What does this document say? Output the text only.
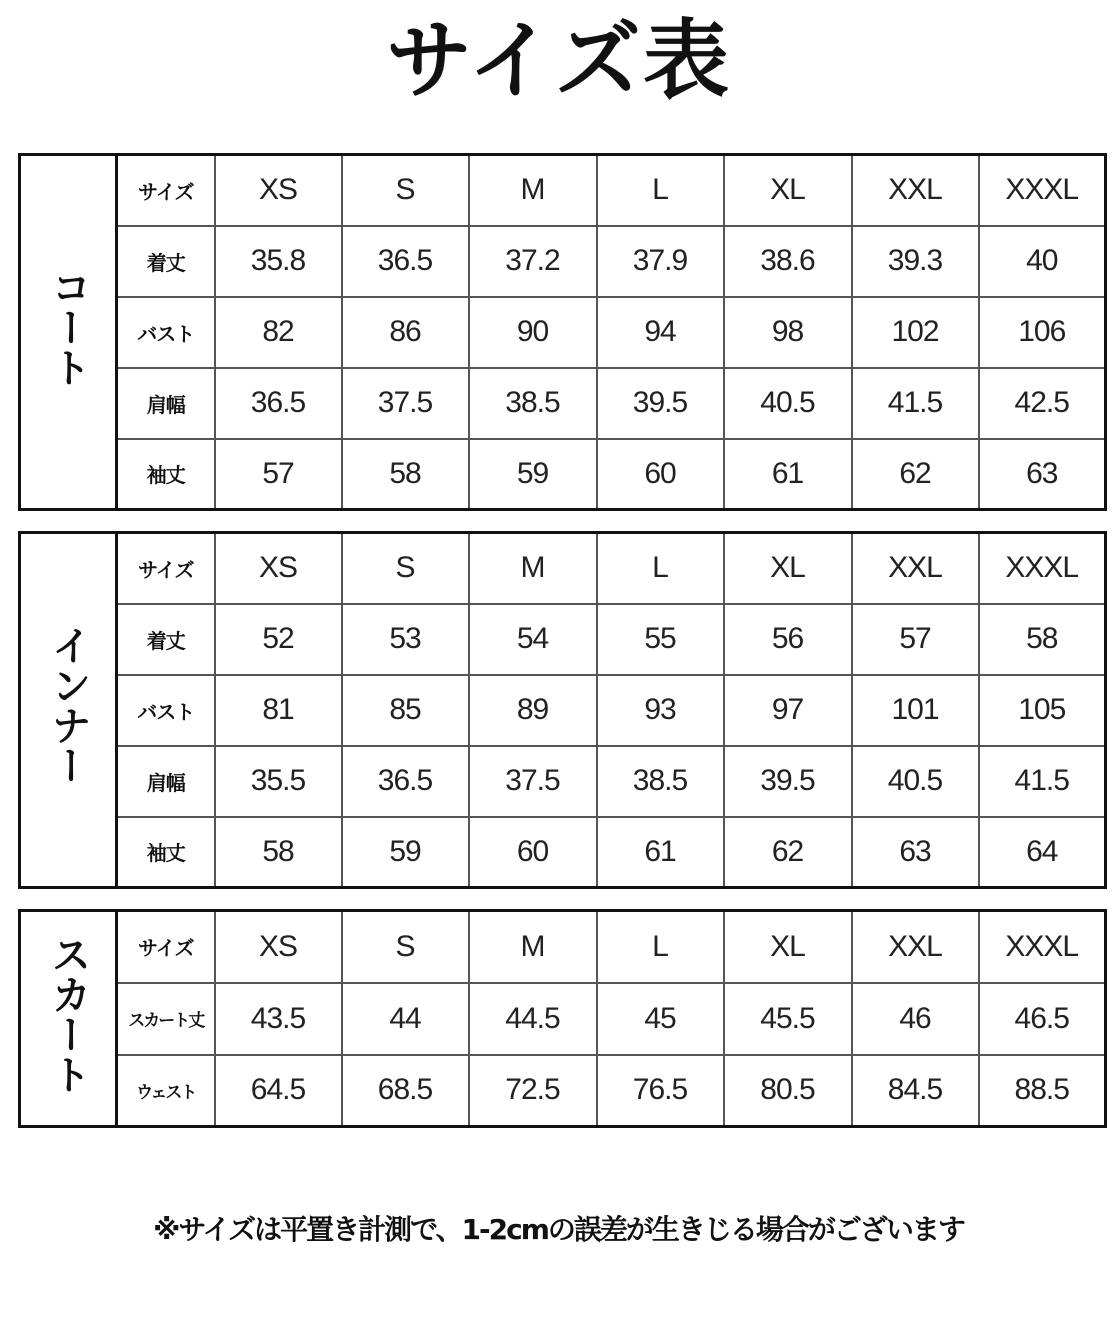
サイズ表
コート	サイズ	XS	S	M	L	XL	XXL	XXXL
	着丈	35.8	36.5	37.2	37.9	38.6	39.3	40
	バスト	82	86	90	94	98	102	106
	肩幅	36.5	37.5	38.5	39.5	40.5	41.5	42.5
	袖丈	57	58	59	60	61	62	63
インナー	サイズ	XS	S	M	L	XL	XXL	XXXL
	着丈	52	53	54	55	56	57	58
	バスト	81	85	89	93	97	101	105
	肩幅	35.5	36.5	37.5	38.5	39.5	40.5	41.5
	袖丈	58	59	60	61	62	63	64
スカート	サイズ	XS	S	M	L	XL	XXL	XXXL
	スカート丈	43.5	44	44.5	45	45.5	46	46.5
	ウェスト	64.5	68.5	72.5	76.5	80.5	84.5	88.5
※サイズは平置き計測で、1-2cmの誤差が生きじる場合がございます
